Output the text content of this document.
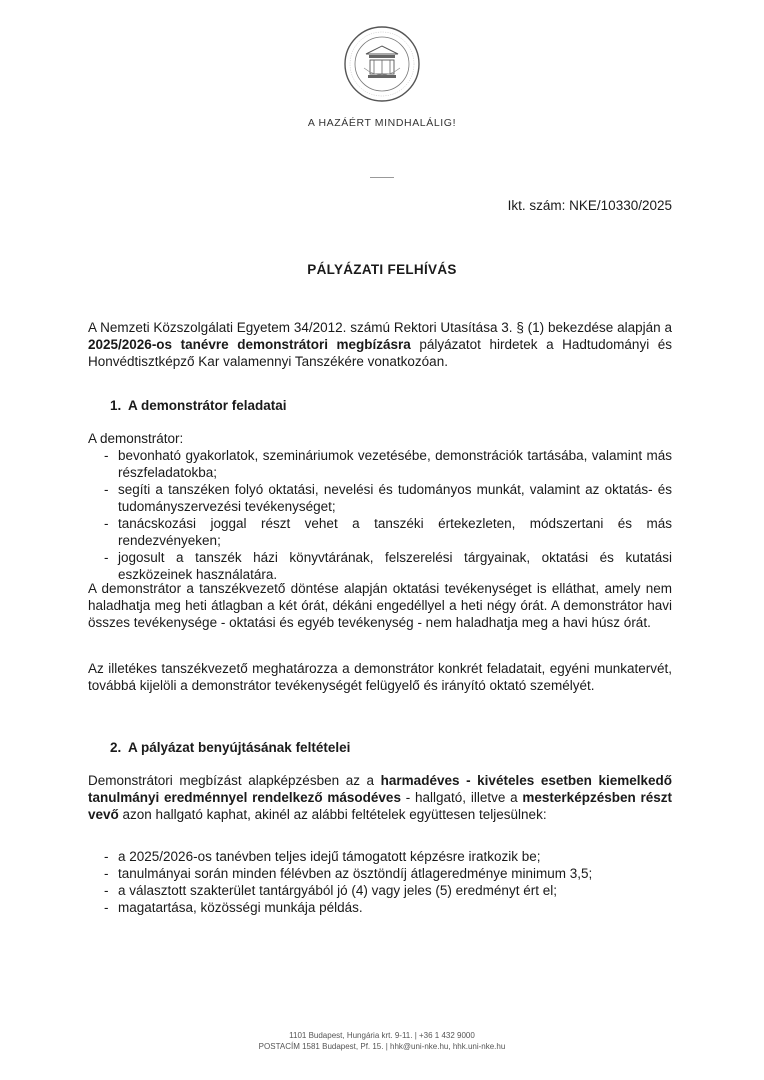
A HAZÁÉRT MINDHALÁLIG!
Ikt. szám: NKE/10330/2025
PÁLYÁZATI FELHÍVÁS
A Nemzeti Közszolgálati Egyetem 34/2012. számú Rektori Utasítása 3. § (1) bekezdése alapján a 2025/2026-os tanévre demonstrátori megbízásra pályázatot hirdetek a Hadtudományi és Honvédtisztképző Kar valamennyi Tanszékére vonatkozóan.
1. A demonstrátor feladatai
A demonstrátor:
- bevonható gyakorlatok, szemináriumok vezetésébe, demonstrációk tartásába, valamint más részfeladatokba;
- segíti a tanszéken folyó oktatási, nevelési és tudományos munkát, valamint az oktatás- és tudományszervezési tevékenységet;
- tanácskozási joggal részt vehet a tanszéki értekezleten, módszertani és más rendezvényeken;
- jogosult a tanszék házi könyvtárának, felszerelési tárgyainak, oktatási és kutatási eszközeinek használatára.
A demonstrátor a tanszékvezető döntése alapján oktatási tevékenységet is elláthat, amely nem haladhatja meg heti átlagban a két órát, dékáni engedéllyel a heti négy órát. A demonstrátor havi összes tevékenysége - oktatási és egyéb tevékenység - nem haladhatja meg a havi húsz órát.
Az illetékes tanszékvezető meghatározza a demonstrátor konkrét feladatait, egyéni munkatervét, továbbá kijelöli a demonstrátor tevékenységét felügyelő és irányító oktató személyét.
2. A pályázat benyújtásának feltételei
Demonstrátori megbízást alapképzésben az a harmadéves - kivételes esetben kiemelkedő tanulmányi eredménnyel rendelkező másodéves - hallgató, illetve a mesterképzésben részt vevő azon hallgató kaphat, akinél az alábbi feltételek együttesen teljesülnek:
- a 2025/2026-os tanévben teljes idejű támogatott képzésre iratkozik be;
- tanulmányai során minden félévben az ösztöndíj átlageredménye minimum 3,5;
- a választott szakterület tantárgyából jó (4) vagy jeles (5) eredményt ért el;
- magatartása, közösségi munkája példás.
1101 Budapest, Hungária krt. 9-11. | +36 1 432 9000
POSTACÍM 1581 Budapest, Pf. 15. | hhk@uni-nke.hu, hhk.uni-nke.hu
